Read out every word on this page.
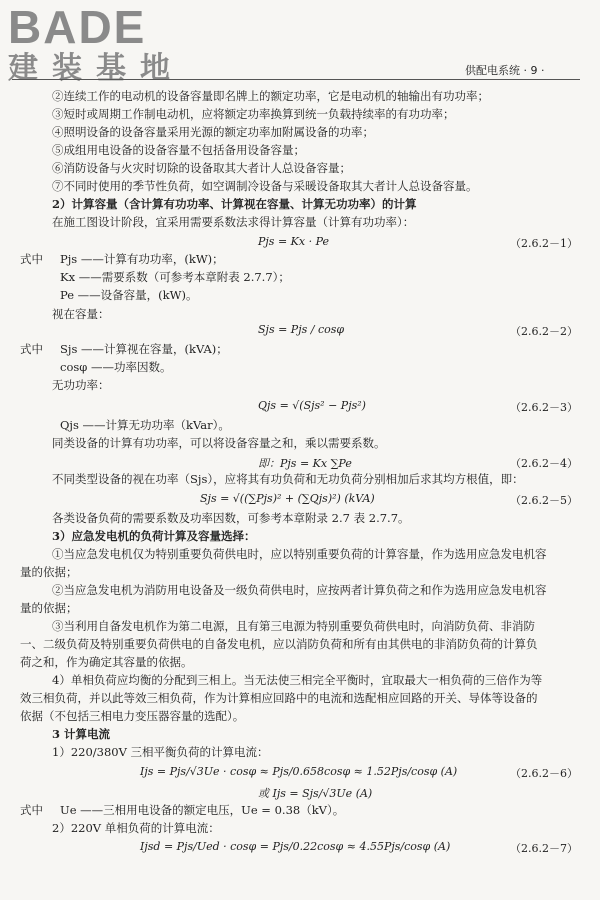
BADE
建装基地	供配电系统 · 9 ·
②连续工作的电动机的设备容量即名牌上的额定功率，它是电动机的轴输出有功功率；
③短时或周期工作制电动机，应将额定功率换算到统一负载持续率的有功功率；
④照明设备的设备容量采用光源的额定功率加附属设备的功率；
⑤成组用电设备的设备容量不包括备用设备容量；
⑥消防设备与火灾时切除的设备取其大者计人总设备容量；
⑦不同时使用的季节性负荷，如空调制冷设备与采暖设备取其大者计人总设备容量。
2）计算容量（含计算有功功率、计算视在容量、计算无功功率）的计算
在施工图设计阶段，宜采用需要系数法求得计算容量（计算有功功率）：
Pjs = Kx · Pe	（2.6.2－1）
式中 Pjs ——计算有功功率，(kW)；
Kx ——需要系数（可参考本章附表 2.7.7）；
Pe ——设备容量，(kW)。
视在容量：
Sjs = Pjs / cosφ	（2.6.2－2）
式中 Sjs ——计算视在容量，(kVA)；
cosφ ——功率因数。
无功功率：
Qjs = √(Sjs² − Pjs²)	（2.6.2－3）
Qjs ——计算无功功率（kVar）。
同类设备的计算有功功率，可以将设备容量之和，乘以需要系数。
即：Pjs = Kx ∑Pe	（2.6.2－4）
不同类型设备的视在功率（Sjs），应将其有功负荷和无功负荷分别相加后求其均方根值，即：
Sjs = √((∑Pjs)² + (∑Qjs)²) (kVA)	（2.6.2－5）
各类设备负荷的需要系数及功率因数，可参考本章附录 2.7 表 2.7.7。
3）应急发电机的负荷计算及容量选择：
①当应急发电机仅为特别重要负荷供电时，应以特别重要负荷的计算容量，作为选用应急发电机容
量的依据；
②当应急发电机为消防用电设备及一级负荷供电时，应按两者计算负荷之和作为选用应急发电机容
量的依据；
③当利用自备发电机作为第二电源，且有第三电源为特别重要负荷供电时，向消防负荷、非消防
一、二级负荷及特别重要负荷供电的自备发电机，应以消防负荷和所有由其供电的非消防负荷的计算负
荷之和，作为确定其容量的依据。
4）单相负荷应均衡的分配到三相上。当无法使三相完全平衡时，宜取最大一相负荷的三倍作为等
效三相负荷，并以此等效三相负荷，作为计算相应回路中的电流和选配相应回路的开关、导体等设备的
依据（不包括三相电力变压器容量的选配）。
3 计算电流
1）220/380V 三相平衡负荷的计算电流：
Ijs = Pjs/√3Ue · cosφ ≈ Pjs/0.658cosφ ≈ 1.52Pjs/cosφ (A)	（2.6.2－6）
或 Ijs = Sjs/√3Ue (A)
式中 Ue ——三相用电设备的额定电压，Ue = 0.38（kV）。
2）220V 单相负荷的计算电流：
Ijsd = Pjs/Ued · cosφ = Pjs/0.22cosφ ≈ 4.55Pjs/cosφ (A)	（2.6.2－7）
